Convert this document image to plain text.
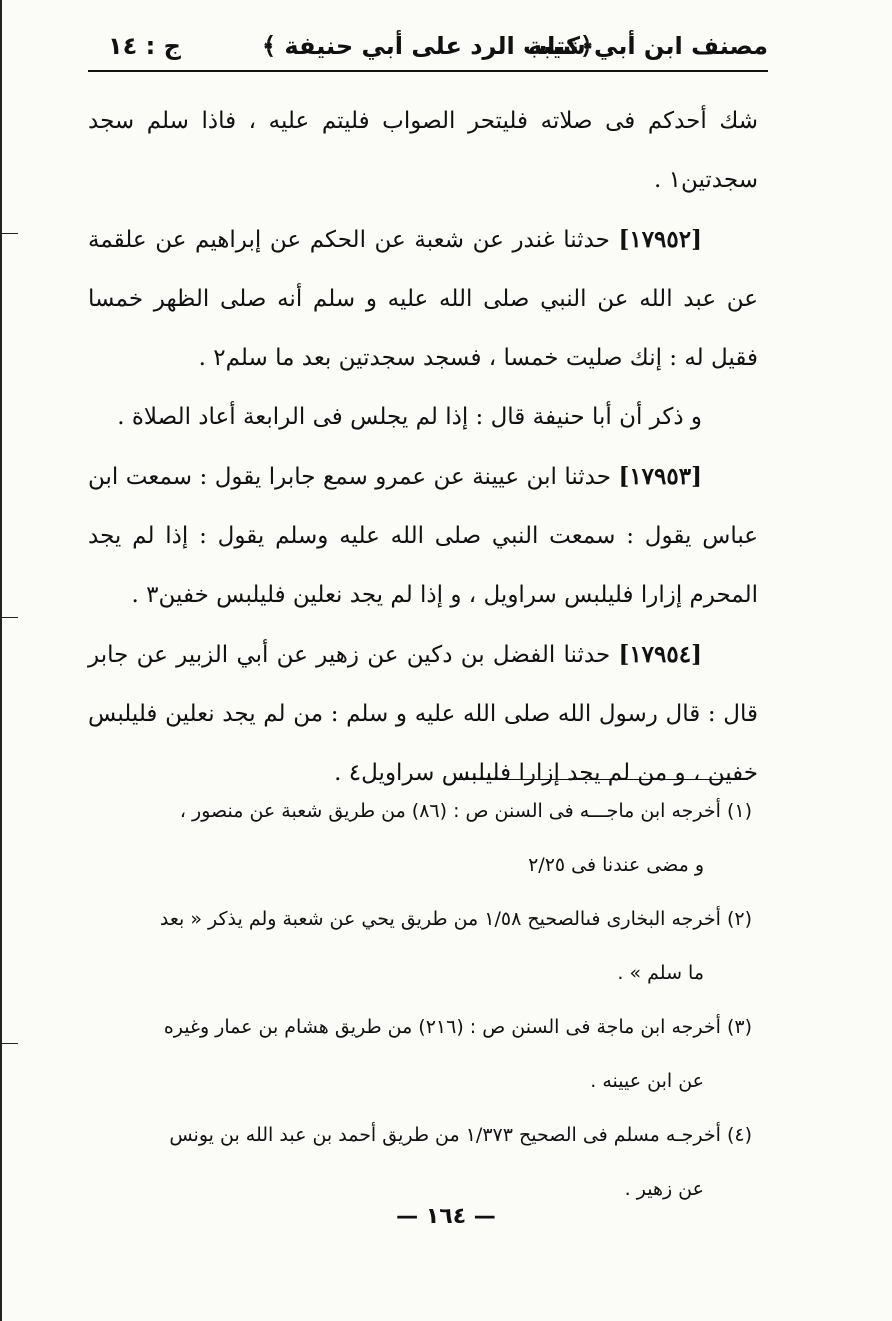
مصنف ابن أبي شيبة
﴿كتاب الرد على أبي حنيفة ﴾
ج : ١٤

شك أحدكم فى صلاته فليتحر الصواب فليتم عليه ، فاذا سلم سجد سجدتين١ .

[١٧٩٥٢] حدثنا غندر عن شعبة عن الحكم عن إبراهيم عن علقمة عن عبد الله عن النبي صلى الله عليه و سلم أنه صلى الظهر خمسا فقيل له : إنك صليت خمسا ، فسجد سجدتين بعد ما سلم٢ .

و ذكر أن أبا حنيفة قال : إذا لم يجلس فى الرابعة أعاد الصلاة .

[١٧٩٥٣] حدثنا ابن عيينة عن عمرو سمع جابرا يقول : سمعت ابن عباس يقول : سمعت النبي صلى الله عليه وسلم يقول : إذا لم يجد المحرم إزارا فليلبس سراويل ، و إذا لم يجد نعلين فليلبس خفين٣ .

[١٧٩٥٤] حدثنا الفضل بن دكين عن زهير عن أبي الزبير عن جابر قال : قال رسول الله صلى الله عليه و سلم : من لم يجد نعلين فليلبس خفين ، و من لم يجد إزارا فليلبس سراويل٤ .

(١) أخرجه ابن ماجـــه فى السنن ص : (٨٦) من طريق شعبة عن منصور ،

و مضى عندنا فى ٢/٢٥

(٢) أخرجه البخارى فىالصحيح ١/٥٨ من طريق يحي عن شعبة ولم يذكر « بعد

ما سلم » .

(٣) أخرجه ابن ماجة فى السنن ص : (٢١٦) من طريق هشام بن عمار وغيره

عن ابن عيينه .

(٤) أخرجـه مسلم فى الصحيح ١/٣٧٣ من طريق أحمد بن عبد الله بن يونس

عن زهير .

— ١٦٤ —
